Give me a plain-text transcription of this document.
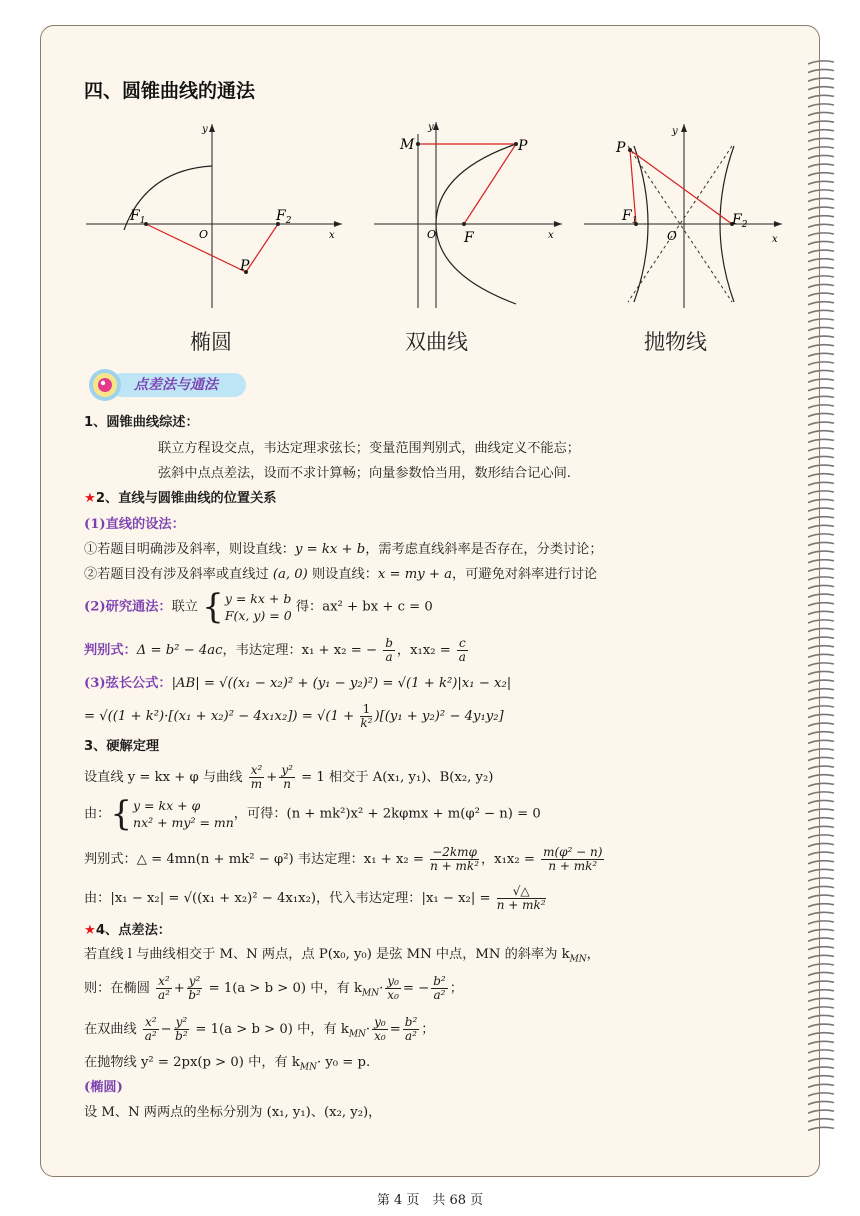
四、圆锥曲线的通法
$F_1$	$F_2$
P
O	x
y
M	P
F
O	x
y
P
$F_1$	$F_2$
O	x
y
椭圆	双曲线	抛物线
点差法与通法
1、圆锥曲线综述：
联立方程设交点，韦达定理求弦长；变量范围判别式，曲线定义不能忘；
弦斜中点点差法，设而不求计算畅；向量参数恰当用，数形结合记心间.
★2、直线与圆锥曲线的位置关系
(1)直线的设法：
①若题目明确涉及斜率，则设直线：y = kx + b，需考虑直线斜率是否存在，分类讨论；
②若题目没有涉及斜率或直线过 (a, 0) 则设直线：x = my + a，可避免对斜率进行讨论
(2)研究通法：联立 { y = kx + b
F(x, y) = 0
得：ax² + bx + c = 0
判别式：Δ = b² − 4ac，韦达定理：x₁ + x₂ = − $\frac{b}{a}$ ，$x_1x_2 = \frac{c}{a}$
(3)弦长公式：|AB| = √((x₁ − x₂)² + (y₁ − y₂)²) = √(1 + k²)|x₁ − x₂|
= $√((1 + k^2)\cdot[(x_1 + x_2)^2 - 4x_1x_2]) = √(1 + \frac{1}{\text{k²}} )[(y_1 + y_2)^2 - 4y_1y_2]$
3、硬解定理
设直线 y = kx + φ 与曲线 $\frac{\text{x²}}{m} + \frac{\text{y²}}{n} = 1$ 相交于 A(x₁, y₁)、B(x₂, y₂)
由： { y = kx + φ
nx² + my² = mn
，可得：(n + mk²)x² + 2kφmx + m(φ² − n) = 0
判别式：△ = 4mn(n + mk² − φ²) 韦达定理：$x_1 + x_2 = \frac{\text{−2kmφ}}{\text{n + mk²}}$ ，$x_1x_2 = \frac{\text{m(φ² − n)}}{\text{n + mk²}}$
由：|x₁ − x₂| = √((x₁ + x₂)² − 4x₁x₂)，代入韦达定理：$|x_1 - x_2| = \frac{√\triangle}{\text{n + mk²}}$
★4、点差法：
若直线 l 与曲线相交于 M、N 两点，点 P(x₀, y₀) 是弦 MN 中点，MN 的斜率为 $k_{MN}$，
则：在椭圆 $\frac{\text{x²}}{\text{a²}} + \frac{\text{y²}}{\text{b²}} = 1(a > b > 0)$ 中，有 $k_{MN}\cdot \frac{\text{y₀}}{\text{x₀}}$ = − $\frac{\text{b²}}{\text{a²}}$ ；
在双曲线 $\frac{\text{x²}}{\text{a²}} - \frac{\text{y²}}{\text{b²}} = 1(a > b > 0)$ 中，有 $k_{MN}\cdot \frac{\text{y₀}}{\text{x₀}} = \frac{\text{b²}}{\text{a²}}$ ；
在抛物线 y² = 2px(p > 0) 中，有 $k_{MN}\cdot y_0 = p$.
(椭圆)
设 M、N 两两点的坐标分别为 (x₁, y₁)、(x₂, y₂)，
第 4 页　共 68 页
